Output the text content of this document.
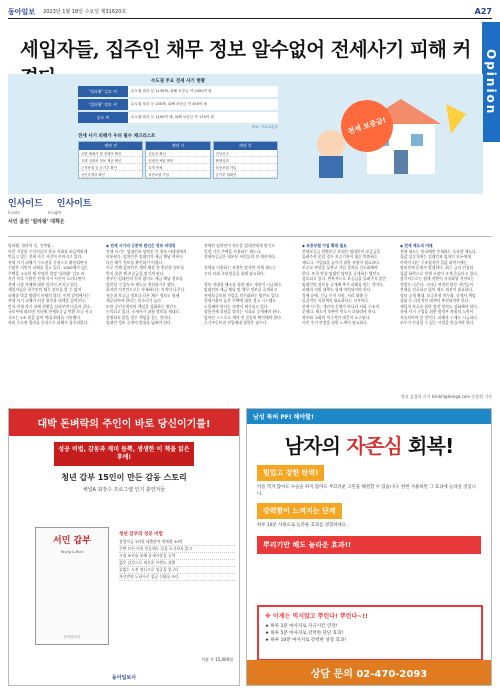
동아일보 2023년 1월 18일 수요일 제31620호	A27
Opinion
세입자들, 집주인 채무 정보 알수없어 전세사기 피해 커
수도권 주요 전세 사기 현황
'빌라왕' 김모 씨	수도권 빌라 등 1139채, 피해 보증금 약 2000억 원
'빌라왕' 정모 씨	수도권 빌라 등 240채, 피해 보증금 약 350억 원
송모 씨	수도권 빌라 등 1100여 채, 피해 보증금 약 170억 원
자료: 국토교통부
전세 사기 피해가 우려 필수 체크리스트
계약 전
주변 매매가 및 전세가 확인
주택 임대차 정보 제공 확인
근저당권 등 등기부 확인
공인중개사 확인
계약 시
신분증 확인
임대인 체납 확인
특약 작성
보증보험 가입
계약 후
전입신고
확정일자
보증보험 가입
등기부 재확인
전세 보증금!
인사이드 인사이트
Inside	Insight
서민 울린 '빌라왕' 대책은
빌라왕, 빌라의 신, 건축왕…
이런 거창한 수식어들이 한국 사회를 떠들썩하게
만들고 있는 전세 사기 사건이 이어지고 있다.
전세 사기 피해가 수도권을 중심으로 확산되면서
수많은 서민이 피해를 입고 있다. 1000채가 넘는
주택을 소유한 채 사망한 일명 '빌라왕' 김모 씨
사건 이후 수많은 전세 사기 사건이 드러나면서
전세 시장 자체에 대한 불신이 커지고 있다.
세입자들은 집주인의 채무 정보를 알 수 없어
피해를 막을 방법이 마땅치 않다. 이번 칼럼에서는
전세 사기 피해가 커진 원인과 대책을 짚어본다.
먼저 전세 사기 피해 현황을 살펴보면 다음과 같다.
국토부에 따르면 지난해 전세보증금 반환 보증 사고
규모는 1조 원을 넘어 역대 최대를 기록했다.
특히 수도권 빌라를 중심으로 피해가 집중되었다.
◆ 전세 사기의 근본적 원인은 정보 비대칭
전세 사기는 임대인과 임차인 간 정보 비대칭에서
비롯된다. 임차인은 임대인의 세금 체납 여부나
다른 채무 정보를 확인하기 어렵다.
이로 인해 임차인은 계약 체결 전 충분한 정보를
얻지 못한 채 보증금을 맡기게 된다.
정부는 임대인의 동의 없이도 세금 체납 정보를
열람할 수 있도록 제도를 개선하기로 했다.
하지만 이것만으로는 부족하다는 지적이 나온다.
선순위 보증금 정보나 다른 채무 정보도 함께
제공되어야 한다는 목소리가 높다.
또한 공인중개사의 책임을 강화하는 방안도
논의되고 있다. 중개사가 위험 정보를 제대로
설명하지 않을 경우 책임을 묻는 것이다.
임대인 정보 공개의 범위를 넓혀야 한다.
전세란 임차인이 목돈을 임대인에게 맡기고
일정 기간 주택을 사용하는 제도다.
전세보증금은 대부분 서민들의 전 재산이다.
전세를 이용하는 사람은 많지만 전세 제도는
우리 사회 초년생들을 위해 필요하다.
정보 비대칭 해소를 위한 제도 개선이 시급하다.
임대인의 세금 체납 및 채무 정보를 공개하고
전세보증보험 가입을 의무화하는 방안도 있다.
전세가율이 높은 주택에 대한 경고 시스템도
도입해야 한다는 의견이 제기되고 있다.
깡통전세 위험을 알리는 지표를 공개해야 한다.
임차인 스스로도 계약 전 꼼꼼히 확인해야 한다.
등기부등본과 전입세대 열람은 필수다.
◆ 보증보험 가입 확대 필요
전세보증금 반환보증 보험은 임대인이 보증금을
돌려주지 못할 경우 보증기관이 대신 반환하는
제도다. 가입률을 높이기 위한 지원이 필요하다.
보증료 부담을 낮추고 가입 절차를 간소화해야
한다. 또한 악성 임대인 명단을 공개하는 방안도
검토되고 있다. 반복적으로 보증금을 돌려주지 않은
임대인의 정보를 공개해 추가 피해를 막는 것이다.
피해자 지원 대책도 함께 마련되어야 한다.
경매 유예, 긴급 주거 지원, 저리 대출 등
실질적인 지원책이 필요하다는 지적이다.
전세 사기는 개인의 문제가 아니라 사회 구조의
문제다. 제도적 보완이 반드시 뒤따라야 한다.
정부와 국회의 적극적인 대응이 요구된다.
서민 주거 안정을 위한 노력이 필요하다.
◆ 전세 제도의 미래
전세 제도는 한국에만 존재하는 독특한 제도다.
집값 상승기에는 임대인과 임차인 모두에게
이익이 되는 구조였지만 집값 하락기에는
깡통전세 문제가 발생한다. 최근 금리 인상과
집값 하락으로 전세 시장이 크게 흔들리고 있다.
장기적으로는 월세 전환이 가속화될 것이라는
전망도 나온다. 그러나 여전히 많은 서민들이
전세를 선호하고 있어 제도 개선이 필요하다.
정보 공개 확대, 보증보험 의무화, 중개사 책임
강화 등 다각적인 대책이 추진되어야 한다.
세입자 보호를 위한 법적 장치도 강화해야 한다.
전세 사기 근절을 위한 범정부 차원의 노력이
지속되어야 할 것이다. 피해자 구제도 시급하다.
모두가 안심할 수 있는 시장을 만들어야 한다.
정리 김경희 기자 kimkh@donga.com 손종원 기자
대박 돈벼락의 주인이 바로 당신이기를!
성공 비법, 감동과 재미 듬뿍, 생생한 이 책을 읽은 후에!
청년 갑부 15인이 만든 감동 스토리
채널A 최장수 프로그램 인기 출연자들
서민 갑부
Young & Rich
동아일보사
청년 갑부의 성공 비법
창업자금 1억원 대출받아 연매출 30억
주변 모든 이의 만류에도 꿈을 포기하지 않고
시장 조사를 통해 틈새시장을 공략
젊은 감각으로 새로운 트렌드 창출
끝없는 도전 정신으로 성공을 일구다
자신만의 노하우로 성공 신화를 쓰다
서점 가 15,000원
동아일보사
남성 특허 PF! 해야할!
남자의 자존심 회복!
힘있고 강한 탄력!
약을 먹지 않아도 수술을 하지 않아도 부끄러운 고민을 해결할 수 있습니다. 한번 사용하면 그 효과에 놀라실 것입니다.
강력함이 느껴지는 단계
하루 10분 사용으로 놀라운 효과를 경험하세요.
뿌리기만 해도 놀라운 효과!!
※ 이제는 먹지않고 뿌린다! 뿌린다~!!
★ 하루 1분 마사지로 자극시킨 연장!
★ 하루 5분 마사지로 강력한 단단 효과!
★ 하루 10분 마사지로 강력한 성장 효과!
상담 문의 02-470-2093
